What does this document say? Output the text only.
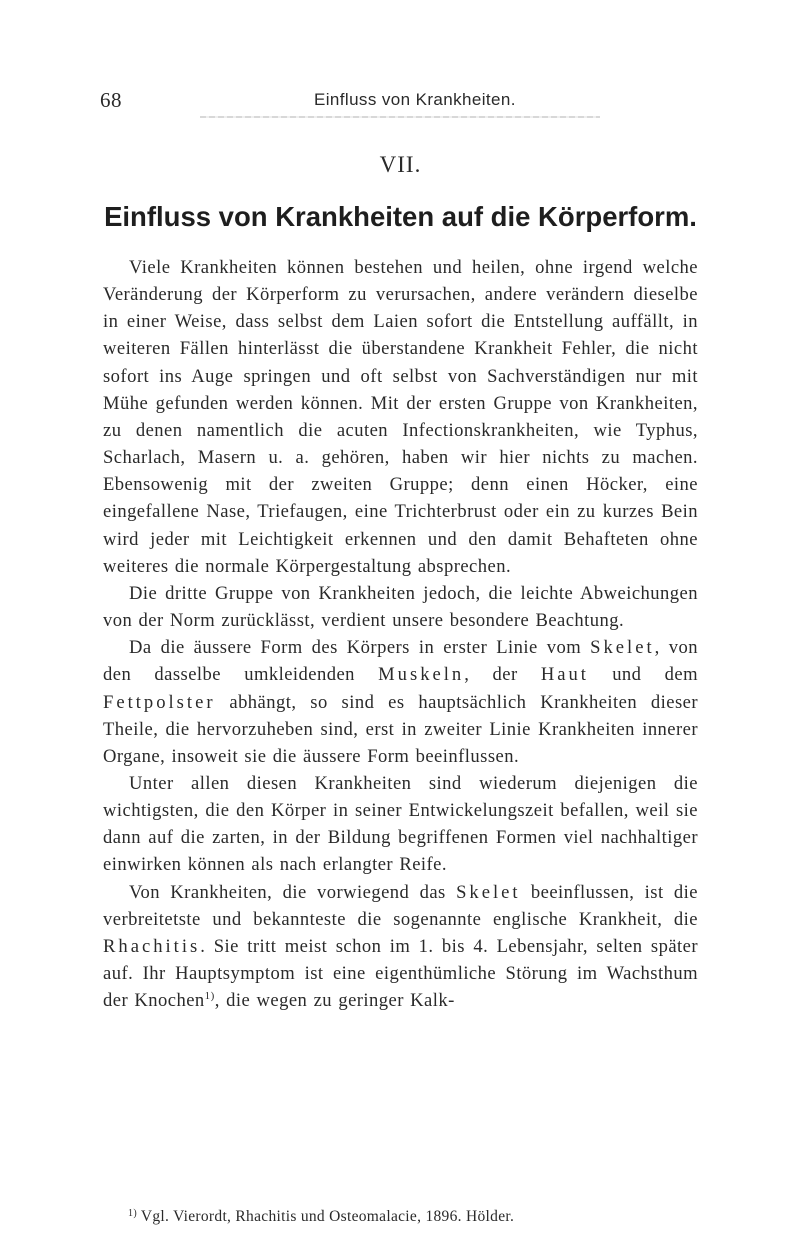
68	Einfluss von Krankheiten.
VII.
Einfluss von Krankheiten auf die Körperform.

Viele Krankheiten können bestehen und heilen, ohne irgend welche Veränderung der Körperform zu verursachen, andere verändern dieselbe in einer Weise, dass selbst dem Laien sofort die Entstellung auffällt, in weiteren Fällen hinterlässt die überstandene Krankheit Fehler, die nicht sofort ins Auge springen und oft selbst von Sachverständigen nur mit Mühe gefunden werden können. Mit der ersten Gruppe von Krankheiten, zu denen namentlich die acuten Infectionskrankheiten, wie Typhus, Scharlach, Masern u. a. gehören, haben wir hier nichts zu machen. Ebensowenig mit der zweiten Gruppe; denn einen Höcker, eine eingefallene Nase, Triefaugen, eine Trichterbrust oder ein zu kurzes Bein wird jeder mit Leichtigkeit erkennen und den damit Behafteten ohne weiteres die normale Körpergestaltung absprechen.

Die dritte Gruppe von Krankheiten jedoch, die leichte Abweichungen von der Norm zurücklässt, verdient unsere besondere Beachtung.

Da die äussere Form des Körpers in erster Linie vom Skelet, von den dasselbe umkleidenden Muskeln, der Haut und dem Fettpolster abhängt, so sind es hauptsächlich Krankheiten dieser Theile, die hervorzuheben sind, erst in zweiter Linie Krankheiten innerer Organe, insoweit sie die äussere Form beeinflussen.

Unter allen diesen Krankheiten sind wiederum diejenigen die wichtigsten, die den Körper in seiner Entwickelungszeit befallen, weil sie dann auf die zarten, in der Bildung begriffenen Formen viel nachhaltiger einwirken können als nach erlangter Reife.

Von Krankheiten, die vorwiegend das Skelet beeinflussen, ist die verbreitetste und bekannteste die sogenannte englische Krankheit, die Rhachitis. Sie tritt meist schon im 1. bis 4. Lebensjahr, selten später auf. Ihr Hauptsymptom ist eine eigenthümliche Störung im Wachsthum der Knochen$^{1)}$, die wegen zu geringer Kalk-

$^{1)}$ Vgl. Vierordt, Rhachitis und Osteomalacie, 1896. Hölder.
